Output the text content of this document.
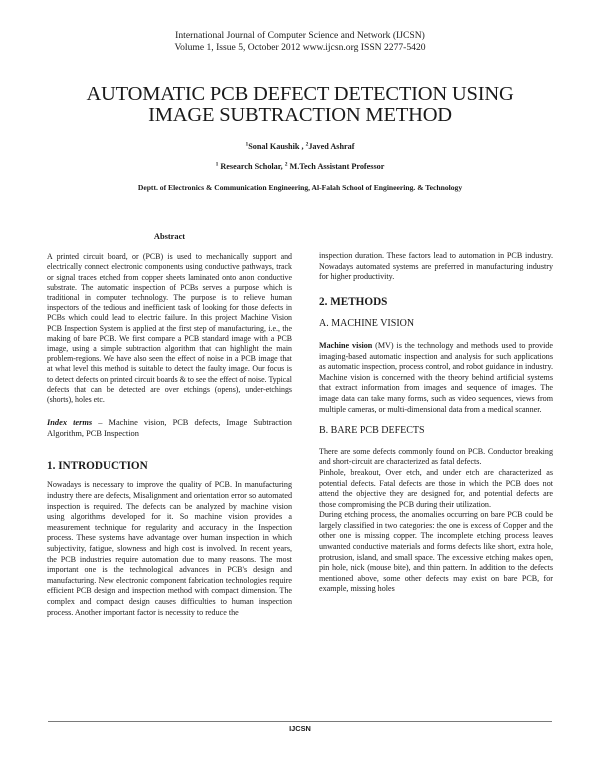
International Journal of Computer Science and Network (IJCSN)
Volume 1, Issue 5, October 2012 www.ijcsn.org ISSN 2277-5420
AUTOMATIC PCB DEFECT DETECTION USING
IMAGE SUBTRACTION METHOD
$^1$Sonal Kaushik , $^2$Javed Ashraf
$^1$ Research Scholar, $^2$ M.Tech Assistant Professor
Deptt. of Electronics & Communication Engineering, Al-Falah School of Engineering. & Technology
Abstract

A printed circuit board, or (PCB) is used to mechanically support and electrically connect electronic components using conductive pathways, track or signal traces etched from copper sheets laminated onto anon conductive substrate. The automatic inspection of PCBs serves a purpose which is traditional in computer technology. The purpose is to relieve human inspectors of the tedious and inefficient task of looking for those defects in PCBs which could lead to electric failure. In this project Machine Vision PCB Inspection System is applied at the first step of manufacturing, i.e., the making of bare PCB. We first compare a PCB standard image with a PCB image, using a simple subtraction algorithm that can highlight the main problem-regions. We have also seen the effect of noise in a PCB image that at what level this method is suitable to detect the faulty image. Our focus is to detect defects on printed circuit boards & to see the effect of noise. Typical defects that can be detected are over etchings (opens), under-etchings (shorts), holes etc.

Index terms – Machine vision, PCB defects, Image Subtraction Algorithm, PCB Inspection

1. INTRODUCTION

Nowadays is necessary to improve the quality of PCB. In manufacturing industry there are defects, Misalignment and orientation error so automated inspection is required. The defects can be analyzed by machine vision using algorithms developed for it. So machine vision provides a measurement technique for regularity and accuracy in the Inspection process. These systems have advantage over human inspection in which subjectivity, fatigue, slowness and high cost is involved. In recent years, the PCB industries require automation due to many reasons. The most important one is the technological advances in PCB's design and manufacturing. New electronic component fabrication technologies require efficient PCB design and inspection method with compact dimension. The complex and compact design causes difficulties to human inspection process. Another important factor is necessity to reduce the

inspection duration. These factors lead to automation in PCB industry. Nowadays automated systems are preferred in manufacturing industry for higher productivity.

2. METHODS
A. MACHINE VISION

Machine vision (MV) is the technology and methods used to provide imaging-based automatic inspection and analysis for such applications as automatic inspection, process control, and robot guidance in industry. Machine vision is concerned with the theory behind artificial systems that extract information from images and sequence of images. The image data can take many forms, such as video sequences, views from multiple cameras, or multi-dimensional data from a medical scanner.

B. BARE PCB DEFECTS

There are some defects commonly found on PCB. Conductor breaking and short-circuit are characterized as fatal defects.

Pinhole, breakout, Over etch, and under etch are characterized as potential defects. Fatal defects are those in which the PCB does not attend the objective they are designed for, and potential defects are those compromising the PCB during their utilization.

During etching process, the anomalies occurring on bare PCB could be largely classified in two categories: the one is excess of Copper and the other one is missing copper. The incomplete etching process leaves unwanted conductive materials and forms defects like short, extra hole, protrusion, island, and small space. The excessive etching makes open, pin hole, nick (mouse bite), and thin pattern. In addition to the defects mentioned above, some other defects may exist on bare PCB, for example, missing holes

IJCSN
